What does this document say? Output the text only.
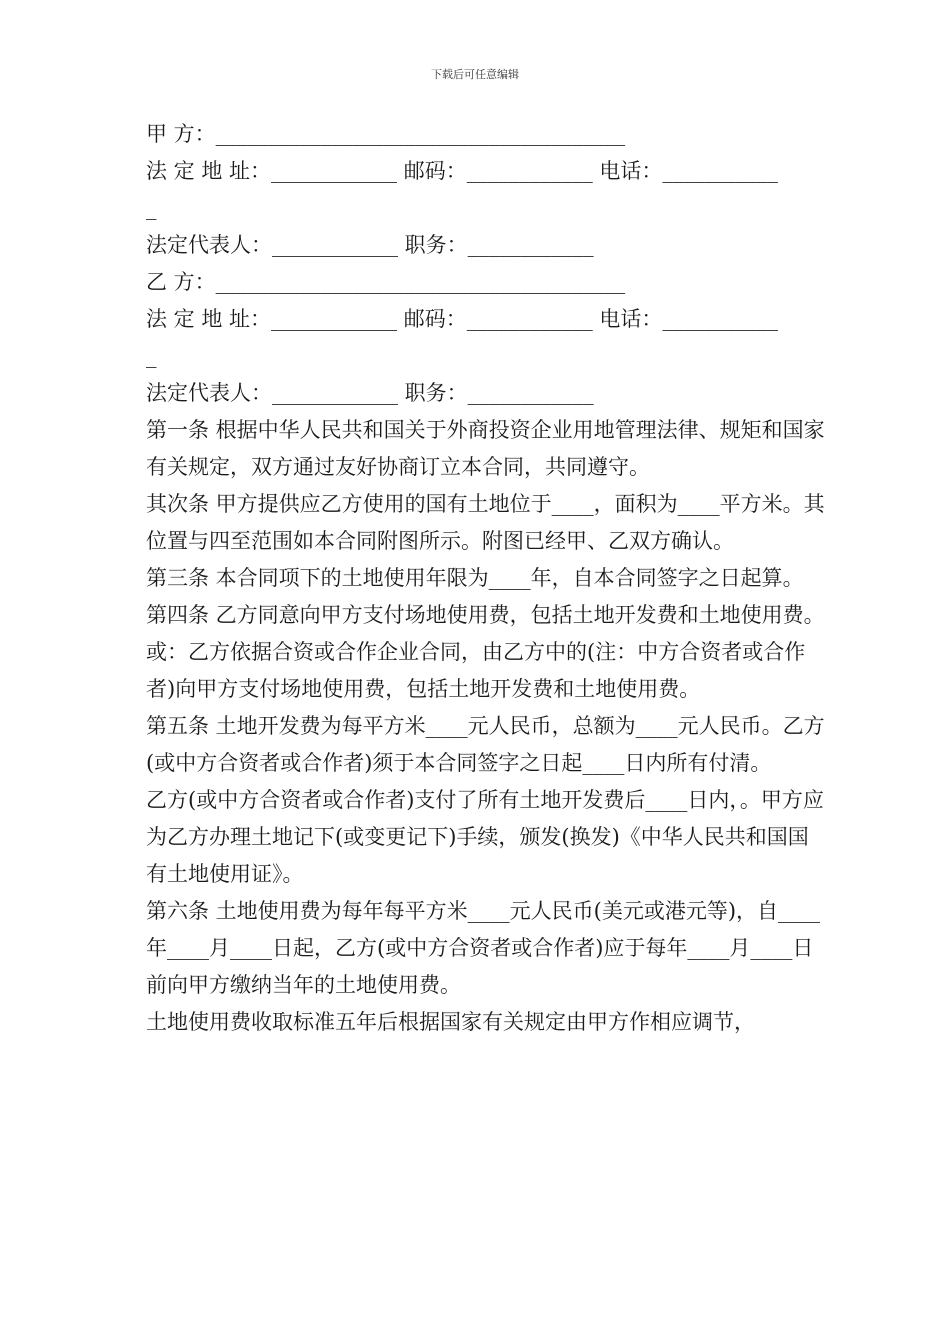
下载后可任意编辑
甲 方：_______________________________________
法 定 地 址：____________ 邮码：____________ 电话：___________
_
法定代表人：____________ 职务：____________
乙 方：_______________________________________
法 定 地 址：____________ 邮码：____________ 电话：___________
_
法定代表人：____________ 职务：____________
第一条 根据中华人民共和国关于外商投资企业用地管理法律、规矩和国家有关规定，双方通过友好协商订立本合同，共同遵守。
其次条 甲方提供应乙方使用的国有土地位于____，面积为____平方米。其位置与四至范围如本合同附图所示。附图已经甲、乙双方确认。
第三条 本合同项下的土地使用年限为____年，自本合同签字之日起算。
第四条 乙方同意向甲方支付场地使用费，包括土地开发费和土地使用费。或：乙方依据合资或合作企业合同，由乙方中的(注：中方合资者或合作者)向甲方支付场地使用费，包括土地开发费和土地使用费。
第五条 土地开发费为每平方米____元人民币，总额为____元人民币。乙方(或中方合资者或合作者)须于本合同签字之日起____日内所有付清。
乙方(或中方合资者或合作者)支付了所有土地开发费后____日内，。甲方应为乙方办理土地记下(或变更记下)手续，颁发(换发)《中华人民共和国国有土地使用证》。
第六条 土地使用费为每年每平方米____元人民币(美元或港元等)，自____年____月____日起，乙方(或中方合资者或合作者)应于每年____月____日前向甲方缴纳当年的土地使用费。
土地使用费收取标准五年后根据国家有关规定由甲方作相应调节，
